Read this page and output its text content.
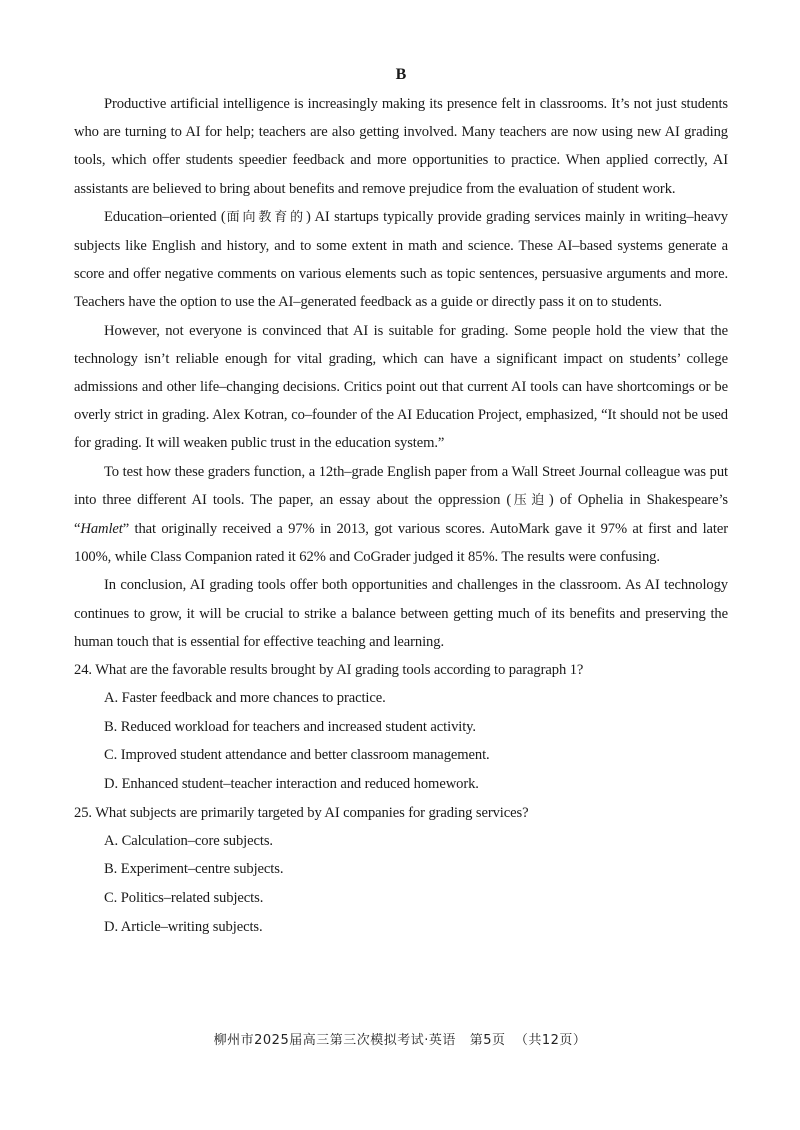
B

Productive artificial intelligence is increasingly making its presence felt in classrooms. It’s not just students who are turning to AI for help; teachers are also getting involved. Many teachers are now using new AI grading tools, which offer students speedier feedback and more opportunities to practice. When applied correctly, AI assistants are believed to bring about benefits and remove prejudice from the evaluation of student work.

Education–oriented (面向教育的) AI startups typically provide grading services mainly in writing–heavy subjects like English and history, and to some extent in math and science. These AI–based systems generate a score and offer negative comments on various elements such as topic sentences, persuasive arguments and more. Teachers have the option to use the AI–generated feedback as a guide or directly pass it on to students.

However, not everyone is convinced that AI is suitable for grading. Some people hold the view that the technology isn’t reliable enough for vital grading, which can have a significant impact on students’ college admissions and other life–changing decisions. Critics point out that current AI tools can have shortcomings or be overly strict in grading. Alex Kotran, co–founder of the AI Education Project, emphasized, “It should not be used for grading. It will weaken public trust in the education system.”

To test how these graders function, a 12th–grade English paper from a Wall Street Journal colleague was put into three different AI tools. The paper, an essay about the oppression (压迫) of Ophelia in Shakespeare’s “Hamlet” that originally received a 97% in 2013, got various scores. AutoMark gave it 97% at first and later 100%, while Class Companion rated it 62% and CoGrader judged it 85%. The results were confusing.

In conclusion, AI grading tools offer both opportunities and challenges in the classroom. As AI technology continues to grow, it will be crucial to strike a balance between getting much of its benefits and preserving the human touch that is essential for effective teaching and learning.

24. What are the favorable results brought by AI grading tools according to paragraph 1?

A. Faster feedback and more chances to practice.

B. Reduced workload for teachers and increased student activity.

C. Improved student attendance and better classroom management.

D. Enhanced student–teacher interaction and reduced homework.

25. What subjects are primarily targeted by AI companies for grading services?

A. Calculation–core subjects.

B. Experiment–centre subjects.

C. Politics–related subjects.

D. Article–writing subjects.

柳州市2025届高三第三次模拟考试·英语 第5页 （共12页）
